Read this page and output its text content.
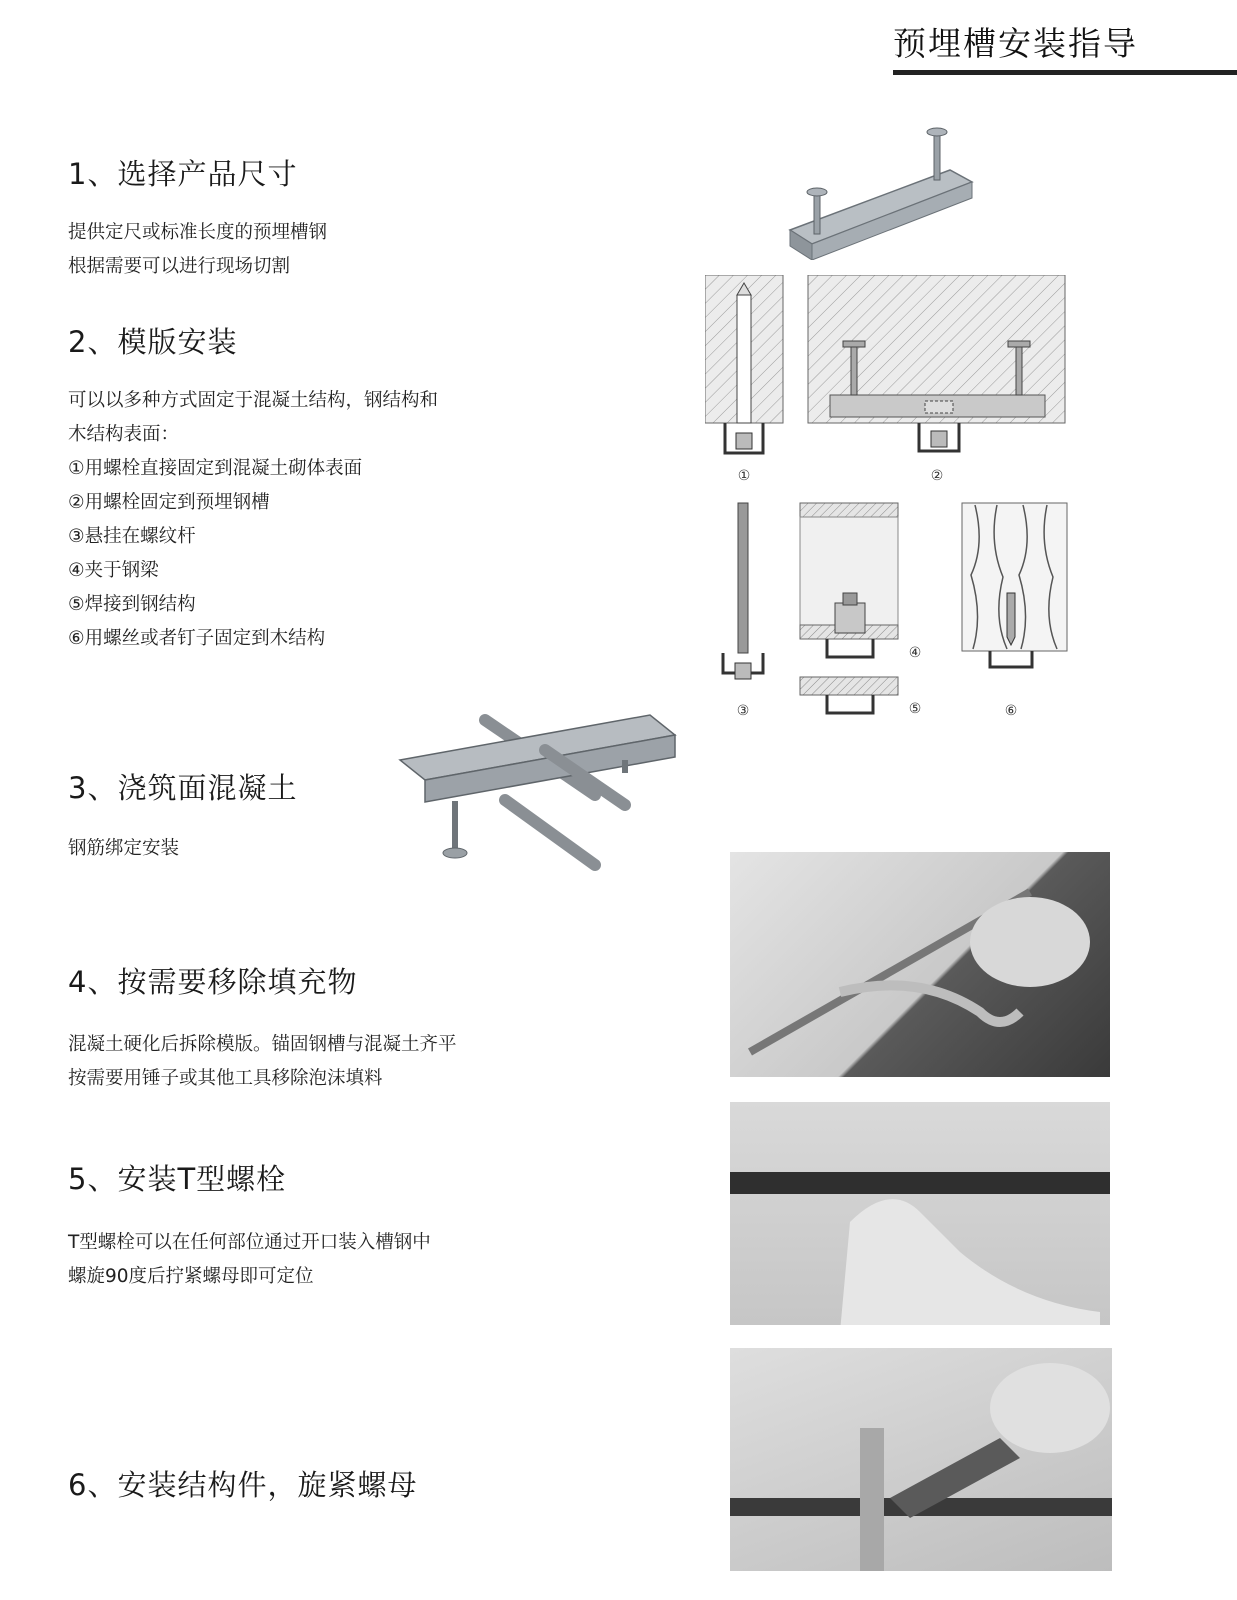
预埋槽安装指导
1、选择产品尺寸
提供定尺或标准长度的预埋槽钢
根据需要可以进行现场切割
2、模版安装
可以以多种方式固定于混凝土结构，钢结构和
木结构表面：
①用螺栓直接固定到混凝土砌体表面
②用螺栓固定到预埋钢槽
③悬挂在螺纹杆
④夹于钢梁
⑤焊接到钢结构
⑥用螺丝或者钉子固定到木结构
3、浇筑面混凝土
钢筋绑定安装
4、按需要移除填充物
混凝土硬化后拆除模版。锚固钢槽与混凝土齐平
按需要用锤子或其他工具移除泡沫填料
5、安装T型螺栓
T型螺栓可以在任何部位通过开口装入槽钢中
螺旋90度后拧紧螺母即可定位
6、安装结构件，旋紧螺母
①	②
③
④
⑤	⑥
